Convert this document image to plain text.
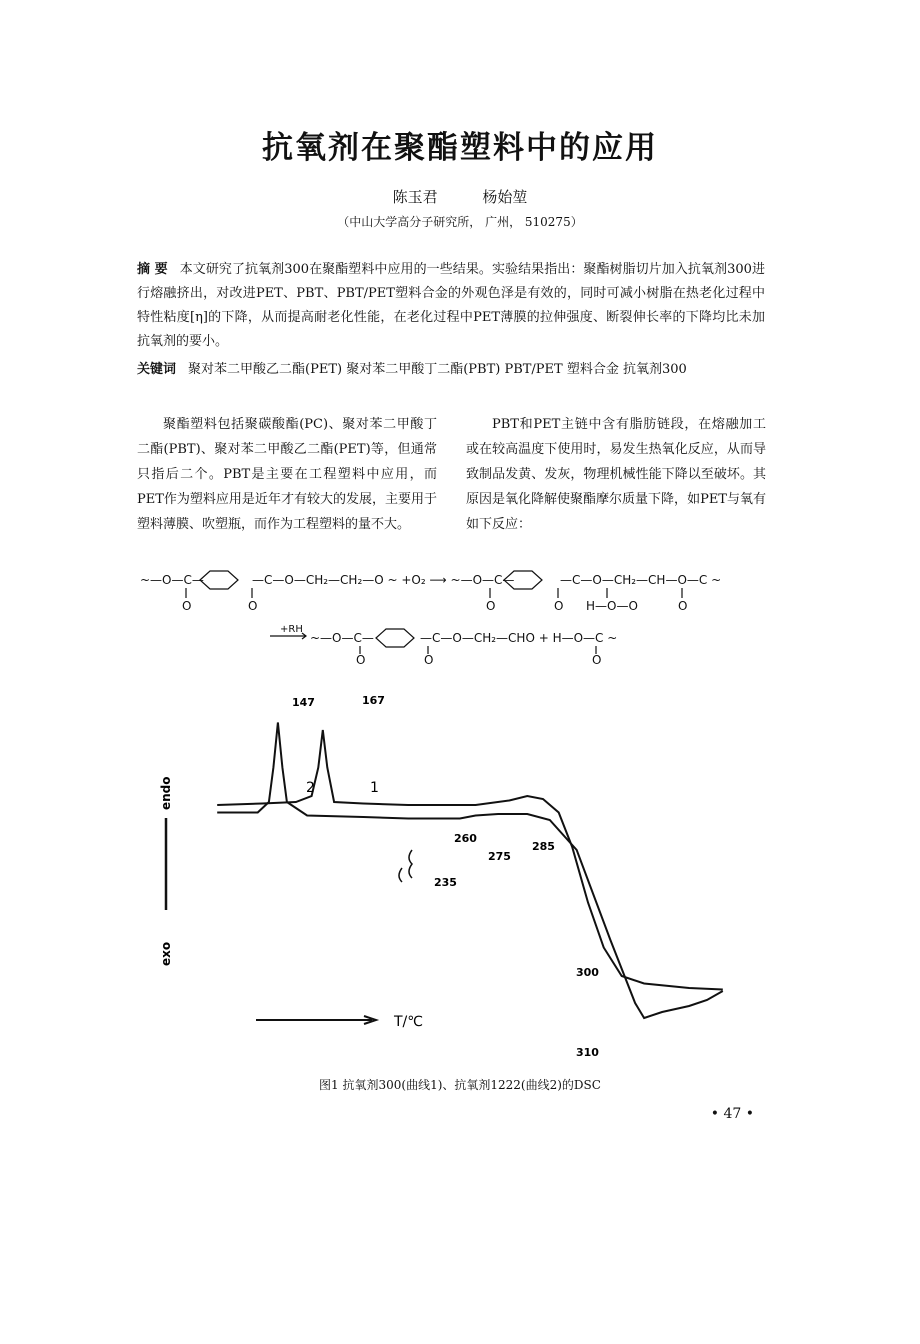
抗氧剂在聚酯塑料中的应用
陈玉君	杨始堃
（中山大学高分子研究所， 广州， 510275）
摘 要 本文研究了抗氧剂300在聚酯塑料中应用的一些结果。实验结果指出：聚酯树脂切片加入抗氧剂300进行熔融挤出，对改进PET、PBT、PBT/PET塑料合金的外观色泽是有效的，同时可减小树脂在热老化过程中特性粘度[η]的下降，从而提高耐老化性能，在老化过程中PET薄膜的拉伸强度、断裂伸长率的下降均比未加抗氧剂的要小。
关键词 聚对苯二甲酸乙二酯(PET) 聚对苯二甲酸丁二酯(PBT) PBT/PET 塑料合金 抗氧剂300
聚酯塑料包括聚碳酸酯(PC)、聚对苯二甲酸丁二酯(PBT)、聚对苯二甲酸乙二酯(PET)等，但通常只指后二个。PBT是主要在工程塑料中应用，而PET作为塑料应用是近年才有较大的发展，主要用于塑料薄膜、吹塑瓶，而作为工程塑料的量不大。
PBT和PET主链中含有脂肪链段，在熔融加工或在较高温度下使用时，易发生热氧化反应，从而导致制品发黄、发灰，物理机械性能下降以至破坏。其原因是氧化降解使聚酯摩尔质量下降，如PET与氧有如下反应：
~—O—C—	—C—O—CH₂—CH₂—O ~ +O₂ ⟶ ~—O—C—	—C—O—CH₂—CH—O—C ~
O	O	O	O H—O—O	O
+RH
~—O—C—	—C—O—CH₂—CHO + H—O—C ~
O	O	O
endo
exo
T/℃
2	1
147	167
260
275
285
235
300
310
图1 抗氧剂300(曲线1)、抗氧剂1222(曲线2)的DSC
• 47 •
